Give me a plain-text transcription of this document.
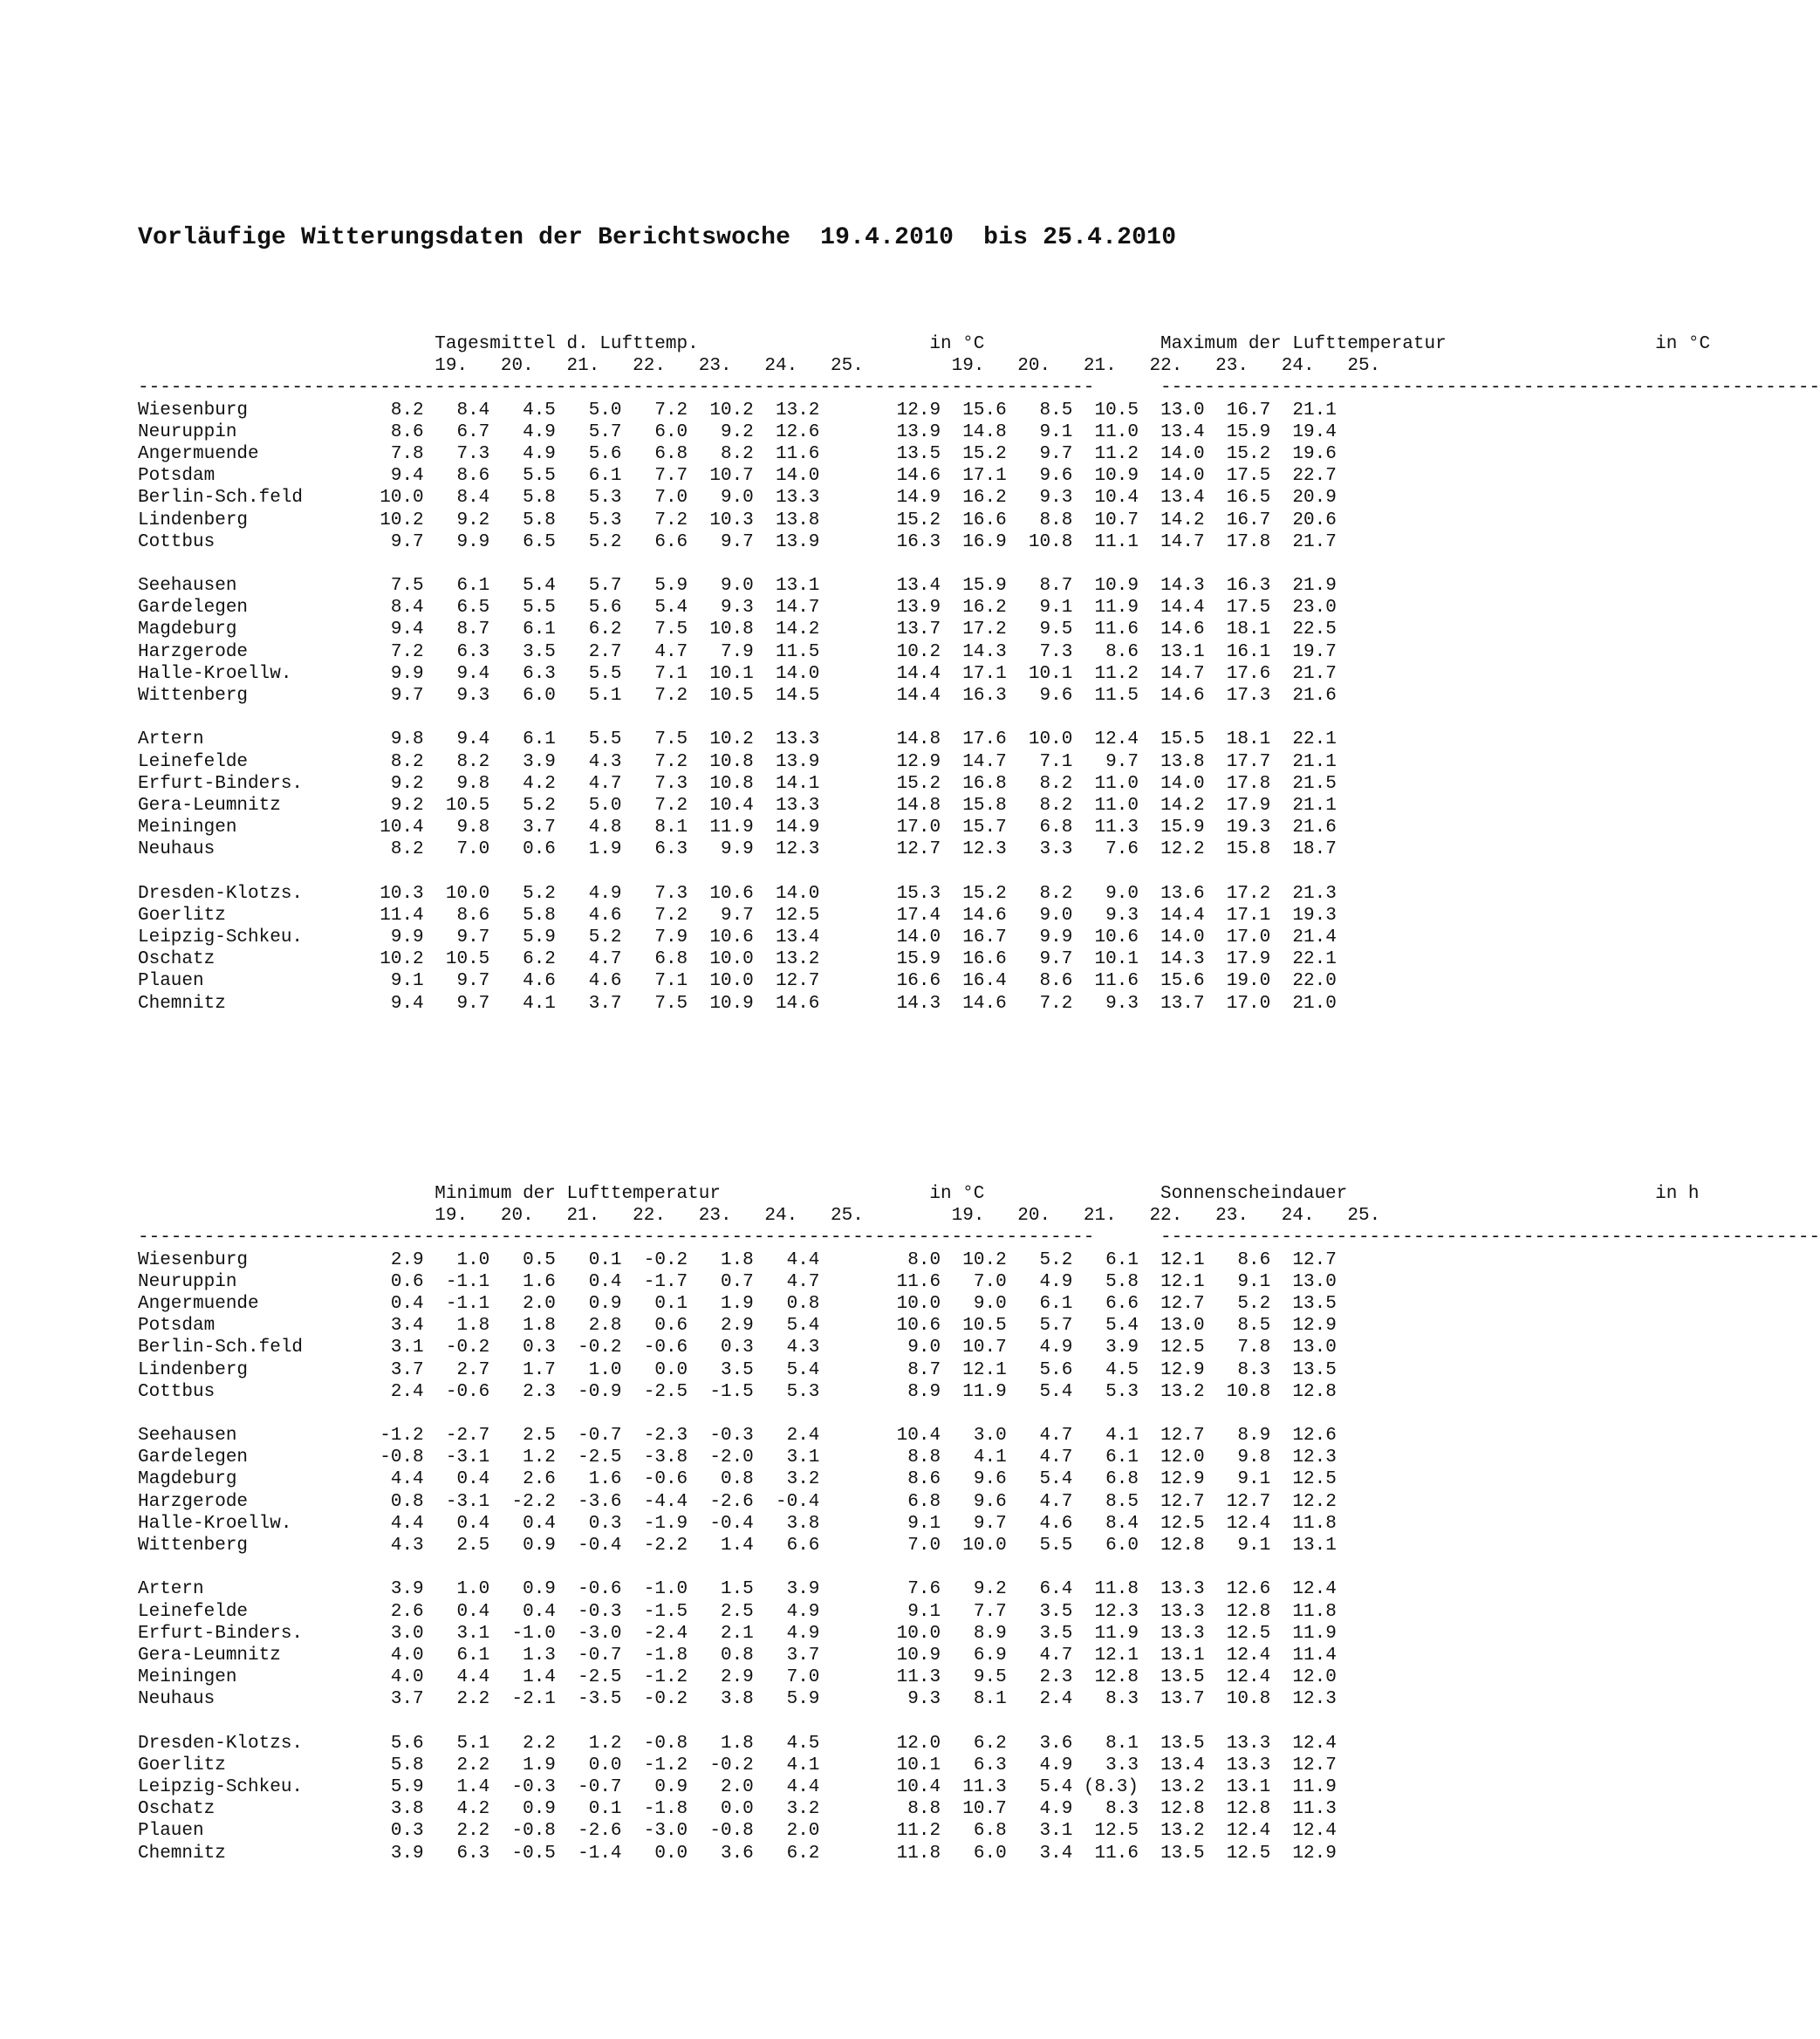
Vorläufige Witterungsdaten der Berichtswoche  19.4.2010  bis 25.4.2010
Tagesmittel d. Lufttemp.                     in °C                Maximum der Lufttemperatur                   in °C
19.   20.   21.   22.   23.   24.   25.        19.   20.   21.   22.   23.   24.   25.
---------------------------------------------------------------------------------------      ------------------------------------------------------------
Wiesenburg             8.2   8.4   4.5   5.0   7.2  10.2  13.2	12.9  15.6   8.5  10.5  13.0  16.7  21.1
Neuruppin              8.6   6.7   4.9   5.7   6.0   9.2  12.6	13.9  14.8   9.1  11.0  13.4  15.9  19.4
Angermuende            7.8   7.3   4.9   5.6   6.8   8.2  11.6	13.5  15.2   9.7  11.2  14.0  15.2  19.6
Potsdam                9.4   8.6   5.5   6.1   7.7  10.7  14.0	14.6  17.1   9.6  10.9  14.0  17.5  22.7
Berlin-Sch.feld       10.0   8.4   5.8   5.3   7.0   9.0  13.3	14.9  16.2   9.3  10.4  13.4  16.5  20.9
Lindenberg            10.2   9.2   5.8   5.3   7.2  10.3  13.8	15.2  16.6   8.8  10.7  14.2  16.7  20.6
Cottbus                9.7   9.9   6.5   5.2   6.6   9.7  13.9	16.3  16.9  10.8  11.1  14.7  17.8  21.7

Seehausen              7.5   6.1   5.4   5.7   5.9   9.0  13.1	13.4  15.9   8.7  10.9  14.3  16.3  21.9
Gardelegen             8.4   6.5   5.5   5.6   5.4   9.3  14.7	13.9  16.2   9.1  11.9  14.4  17.5  23.0
Magdeburg              9.4   8.7   6.1   6.2   7.5  10.8  14.2	13.7  17.2   9.5  11.6  14.6  18.1  22.5
Harzgerode             7.2   6.3   3.5   2.7   4.7   7.9  11.5	10.2  14.3   7.3   8.6  13.1  16.1  19.7
Halle-Kroellw.         9.9   9.4   6.3   5.5   7.1  10.1  14.0	14.4  17.1  10.1  11.2  14.7  17.6  21.7
Wittenberg             9.7   9.3   6.0   5.1   7.2  10.5  14.5	14.4  16.3   9.6  11.5  14.6  17.3  21.6

Artern                 9.8   9.4   6.1   5.5   7.5  10.2  13.3	14.8  17.6  10.0  12.4  15.5  18.1  22.1
Leinefelde             8.2   8.2   3.9   4.3   7.2  10.8  13.9	12.9  14.7   7.1   9.7  13.8  17.7  21.1
Erfurt-Binders.        9.2   9.8   4.2   4.7   7.3  10.8  14.1	15.2  16.8   8.2  11.0  14.0  17.8  21.5
Gera-Leumnitz          9.2  10.5   5.2   5.0   7.2  10.4  13.3	14.8  15.8   8.2  11.0  14.2  17.9  21.1
Meiningen             10.4   9.8   3.7   4.8   8.1  11.9  14.9	17.0  15.7   6.8  11.3  15.9  19.3  21.6
Neuhaus                8.2   7.0   0.6   1.9   6.3   9.9  12.3	12.7  12.3   3.3   7.6  12.2  15.8  18.7

Dresden-Klotzs.       10.3  10.0   5.2   4.9   7.3  10.6  14.0	15.3  15.2   8.2   9.0  13.6  17.2  21.3
Goerlitz              11.4   8.6   5.8   4.6   7.2   9.7  12.5	17.4  14.6   9.0   9.3  14.4  17.1  19.3
Leipzig-Schkeu.        9.9   9.7   5.9   5.2   7.9  10.6  13.4	14.0  16.7   9.9  10.6  14.0  17.0  21.4
Oschatz               10.2  10.5   6.2   4.7   6.8  10.0  13.2	15.9  16.6   9.7  10.1  14.3  17.9  22.1
Plauen                 9.1   9.7   4.6   4.6   7.1  10.0  12.7	16.6  16.4   8.6  11.6  15.6  19.0  22.0
Chemnitz               9.4   9.7   4.1   3.7   7.5  10.9  14.6	14.3  14.6   7.2   9.3  13.7  17.0  21.0
Minimum der Lufttemperatur                   in °C                Sonnenscheindauer                            in h
19.   20.   21.   22.   23.   24.   25.        19.   20.   21.   22.   23.   24.   25.
---------------------------------------------------------------------------------------      ------------------------------------------------------------
Wiesenburg             2.9   1.0   0.5   0.1  -0.2   1.8   4.4	8.0  10.2   5.2   6.1  12.1   8.6  12.7
Neuruppin              0.6  -1.1   1.6   0.4  -1.7   0.7   4.7	11.6   7.0   4.9   5.8  12.1   9.1  13.0
Angermuende            0.4  -1.1   2.0   0.9   0.1   1.9   0.8	10.0   9.0   6.1   6.6  12.7   5.2  13.5
Potsdam                3.4   1.8   1.8   2.8   0.6   2.9   5.4	10.6  10.5   5.7   5.4  13.0   8.5  12.9
Berlin-Sch.feld        3.1  -0.2   0.3  -0.2  -0.6   0.3   4.3	9.0  10.7   4.9   3.9  12.5   7.8  13.0
Lindenberg             3.7   2.7   1.7   1.0   0.0   3.5   5.4	8.7  12.1   5.6   4.5  12.9   8.3  13.5
Cottbus                2.4  -0.6   2.3  -0.9  -2.5  -1.5   5.3	8.9  11.9   5.4   5.3  13.2  10.8  12.8

Seehausen             -1.2  -2.7   2.5  -0.7  -2.3  -0.3   2.4	10.4   3.0   4.7   4.1  12.7   8.9  12.6
Gardelegen            -0.8  -3.1   1.2  -2.5  -3.8  -2.0   3.1	8.8   4.1   4.7   6.1  12.0   9.8  12.3
Magdeburg              4.4   0.4   2.6   1.6  -0.6   0.8   3.2	8.6   9.6   5.4   6.8  12.9   9.1  12.5
Harzgerode             0.8  -3.1  -2.2  -3.6  -4.4  -2.6  -0.4	6.8   9.6   4.7   8.5  12.7  12.7  12.2
Halle-Kroellw.         4.4   0.4   0.4   0.3  -1.9  -0.4   3.8	9.1   9.7   4.6   8.4  12.5  12.4  11.8
Wittenberg             4.3   2.5   0.9  -0.4  -2.2   1.4   6.6	7.0  10.0   5.5   6.0  12.8   9.1  13.1

Artern                 3.9   1.0   0.9  -0.6  -1.0   1.5   3.9	7.6   9.2   6.4  11.8  13.3  12.6  12.4
Leinefelde             2.6   0.4   0.4  -0.3  -1.5   2.5   4.9	9.1   7.7   3.5  12.3  13.3  12.8  11.8
Erfurt-Binders.        3.0   3.1  -1.0  -3.0  -2.4   2.1   4.9	10.0   8.9   3.5  11.9  13.3  12.5  11.9
Gera-Leumnitz          4.0   6.1   1.3  -0.7  -1.8   0.8   3.7	10.9   6.9   4.7  12.1  13.1  12.4  11.4
Meiningen              4.0   4.4   1.4  -2.5  -1.2   2.9   7.0	11.3   9.5   2.3  12.8  13.5  12.4  12.0
Neuhaus                3.7   2.2  -2.1  -3.5  -0.2   3.8   5.9	9.3   8.1   2.4   8.3  13.7  10.8  12.3

Dresden-Klotzs.        5.6   5.1   2.2   1.2  -0.8   1.8   4.5	12.0   6.2   3.6   8.1  13.5  13.3  12.4
Goerlitz               5.8   2.2   1.9   0.0  -1.2  -0.2   4.1	10.1   6.3   4.9   3.3  13.4  13.3  12.7
Leipzig-Schkeu.        5.9   1.4  -0.3  -0.7   0.9   2.0   4.4	10.4  11.3   5.4 (8.3)  13.2  13.1  11.9
Oschatz                3.8   4.2   0.9   0.1  -1.8   0.0   3.2	8.8  10.7   4.9   8.3  12.8  12.8  11.3
Plauen                 0.3   2.2  -0.8  -2.6  -3.0  -0.8   2.0	11.2   6.8   3.1  12.5  13.2  12.4  12.4
Chemnitz               3.9   6.3  -0.5  -1.4   0.0   3.6   6.2	11.8   6.0   3.4  11.6  13.5  12.5  12.9
